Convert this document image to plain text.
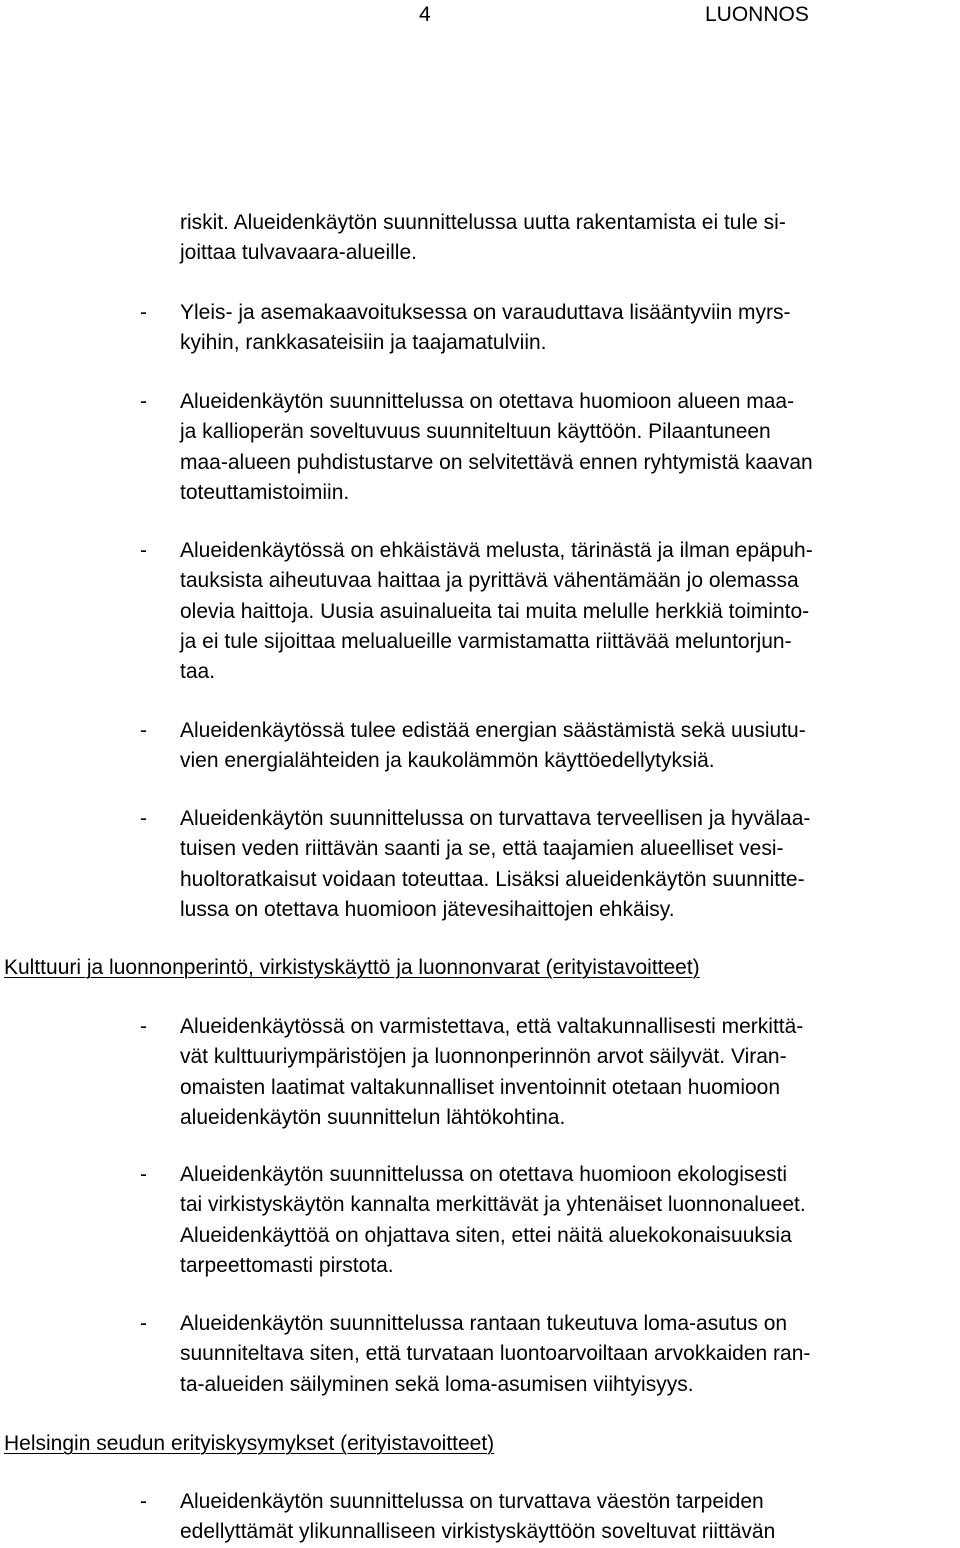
4	LUONNOS
riskit. Alueidenkäytön suunnittelussa uutta rakentamista ei tule si-
joittaa tulvavaara-alueille.
- Yleis- ja asemakaavoituksessa on varauduttava lisääntyviin myrs-
kyihin, rankkasateisiin ja taajamatulviin.
- Alueidenkäytön suunnittelussa on otettava huomioon alueen maa-
ja kallioperän soveltuvuus suunniteltuun käyttöön. Pilaantuneen
maa-alueen puhdistustarve on selvitettävä ennen ryhtymistä kaavan
toteuttamistoimiin.
- Alueidenkäytössä on ehkäistävä melusta, tärinästä ja ilman epäpuh-
tauksista aiheutuvaa haittaa ja pyrittävä vähentämään jo olemassa
olevia haittoja. Uusia asuinalueita tai muita melulle herkkiä toiminto-
ja ei tule sijoittaa melualueille varmistamatta riittävää meluntorjun-
taa.
- Alueidenkäytössä tulee edistää energian säästämistä sekä uusiutu-
vien energialähteiden ja kaukolämmön käyttöedellytyksiä.
- Alueidenkäytön suunnittelussa on turvattava terveellisen ja hyvälaa-
tuisen veden riittävän saanti ja se, että taajamien alueelliset vesi-
huoltoratkaisut voidaan toteuttaa. Lisäksi alueidenkäytön suunnitte-
lussa on otettava huomioon jätevesihaittojen ehkäisy.
Kulttuuri ja luonnonperintö, virkistyskäyttö ja luonnonvarat (erityistavoitteet)
- Alueidenkäytössä on varmistettava, että valtakunnallisesti merkittä-
vät kulttuuriympäristöjen ja luonnonperinnön arvot säilyvät. Viran-
omaisten laatimat valtakunnalliset inventoinnit otetaan huomioon
alueidenkäytön suunnittelun lähtökohtina.
- Alueidenkäytön suunnittelussa on otettava huomioon ekologisesti
tai virkistyskäytön kannalta merkittävät ja yhtenäiset luonnonalueet.
Alueidenkäyttöä on ohjattava siten, ettei näitä aluekokonaisuuksia
tarpeettomasti pirstota.
- Alueidenkäytön suunnittelussa rantaan tukeutuva loma-asutus on
suunniteltava siten, että turvataan luontoarvoiltaan arvokkaiden ran-
ta-alueiden säilyminen sekä loma-asumisen viihtyisyys.
Helsingin seudun erityiskysymykset (erityistavoitteet)
- Alueidenkäytön suunnittelussa on turvattava väestön tarpeiden
edellyttämät ylikunnalliseen virkistyskäyttöön soveltuvat riittävän
